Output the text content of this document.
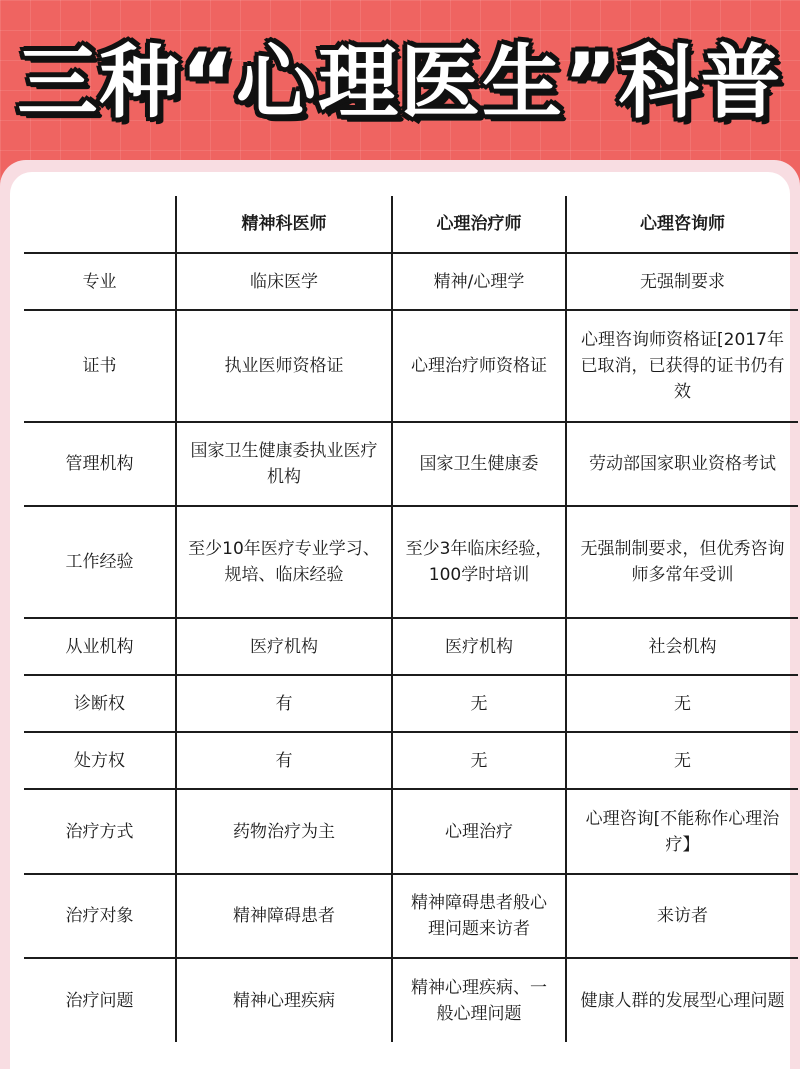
三种“心理医生”科普
	精神科医师	心理治疗师	心理咨询师
专业	临床医学	精神/心理学	无强制要求
证书	执业医师资格证	心理治疗师资格证	心理咨询师资格证[2017年已取消，已获得的证书仍有效
管理机构	国家卫生健康委执业医疗机构	国家卫生健康委	劳动部国家职业资格考试
工作经验	至少10年医疗专业学习、规培、临床经验	至少3年临床经验，100学时培训	无强制制要求，但优秀咨询师多常年受训
从业机构	医疗机构	医疗机构	社会机构
诊断权	有	无	无
处方权	有	无	无
治疗方式	药物治疗为主	心理治疗	心理咨询[不能称作心理治疗】
治疗对象	精神障碍患者	精神障碍患者般心理问题来访者	来访者
治疗问题	精神心理疾病	精神心理疾病、一般心理问题	健康人群的发展型心理问题
